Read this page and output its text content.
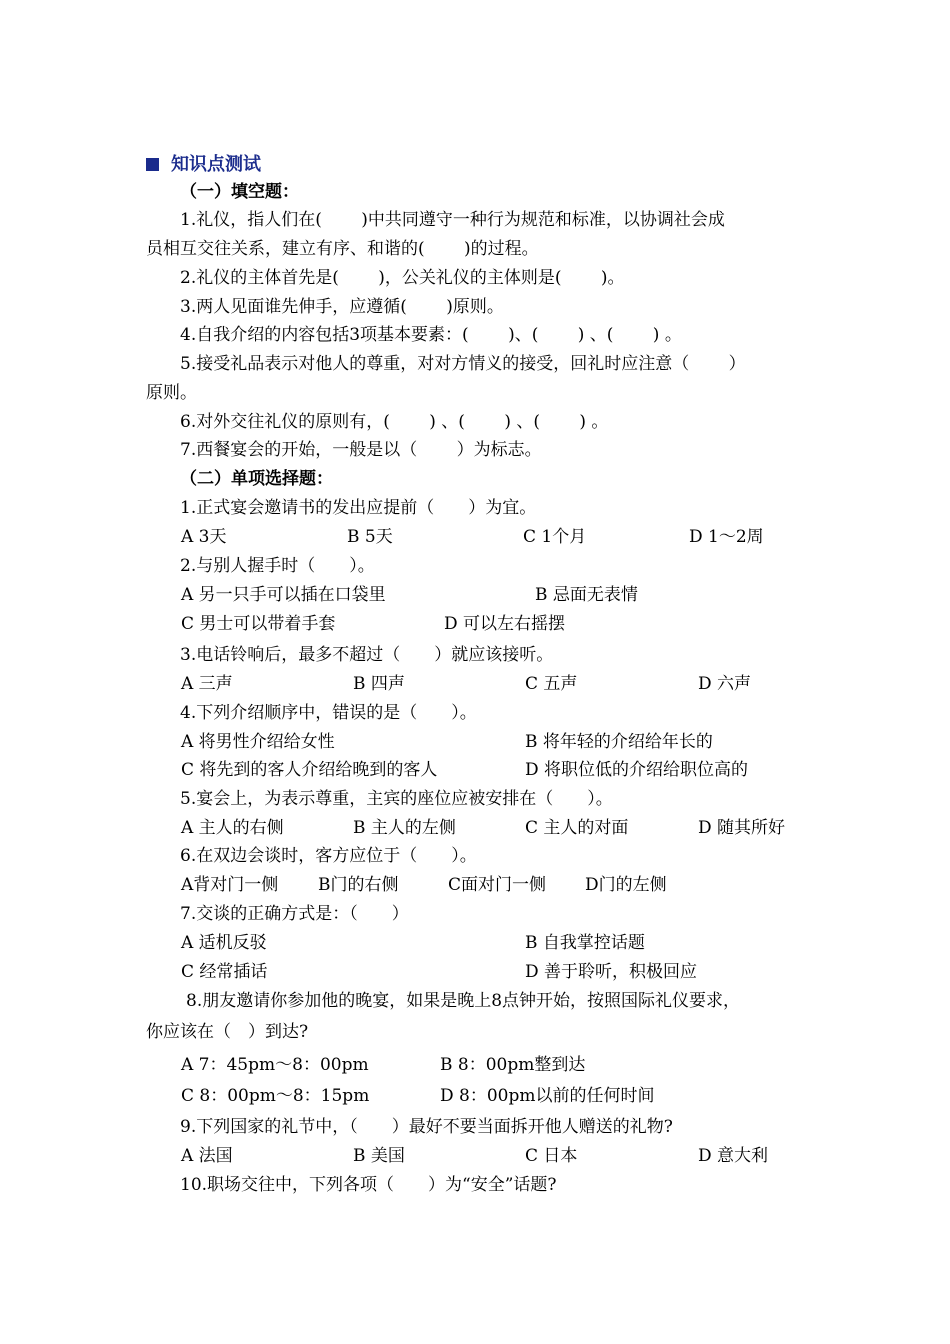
知识点测试
（一）填空题：
1.礼仪，指人们在(　　 )中共同遵守一种行为规范和标准，以协调社会成
员相互交往关系，建立有序、和谐的(　　 )的过程。
2.礼仪的主体首先是(　　 )，公关礼仪的主体则是(　　 )。
3.两人见面谁先伸手，应遵循(　　 )原则。
4.自我介绍的内容包括3项基本要素：(　　 )、(　　 ) 、(　　 ) 。
5.接受礼品表示对他人的尊重，对对方情义的接受，回礼时应注意（　　 ）
原则。
6.对外交往礼仪的原则有，(　　 ) 、(　　 ) 、(　　 ) 。
7.西餐宴会的开始，一般是以（　　 ）为标志。
（二）单项选择题：
1.正式宴会邀请书的发出应提前（　　）为宜。
A 3天	B 5天	C 1个月	D 1～2周
2.与别人握手时（　　）。
A 另一只手可以插在口袋里	B 忌面无表情
C 男士可以带着手套	D 可以左右摇摆
3.电话铃响后，最多不超过（　　）就应该接听。
A 三声	B 四声	C 五声	D 六声
4.下列介绍顺序中，错误的是（　　）。
A 将男性介绍给女性	B 将年轻的介绍给年长的
C 将先到的客人介绍给晚到的客人	D 将职位低的介绍给职位高的
5.宴会上，为表示尊重，主宾的座位应被安排在（　　）。
A 主人的右侧	B 主人的左侧	C 主人的对面	D 随其所好
6.在双边会谈时，客方应位于（　　）。
A背对门一侧 B门的右侧	C面对门一侧 D门的左侧
7.交谈的正确方式是：（　　）
A 适机反驳	B 自我掌控话题
C 经常插话	D 善于聆听，积极回应
8.朋友邀请你参加他的晚宴，如果是晚上8点钟开始，按照国际礼仪要求，
你应该在（　）到达?
A 7：45pm～8：00pm	B 8：00pm整到达
C 8：00pm～8：15pm	D 8：00pm以前的任何时间
9.下列国家的礼节中，（　　）最好不要当面拆开他人赠送的礼物?
A 法国	B 美国	C 日本	D 意大利
10.职场交往中，下列各项（　　）为“安全”话题?
